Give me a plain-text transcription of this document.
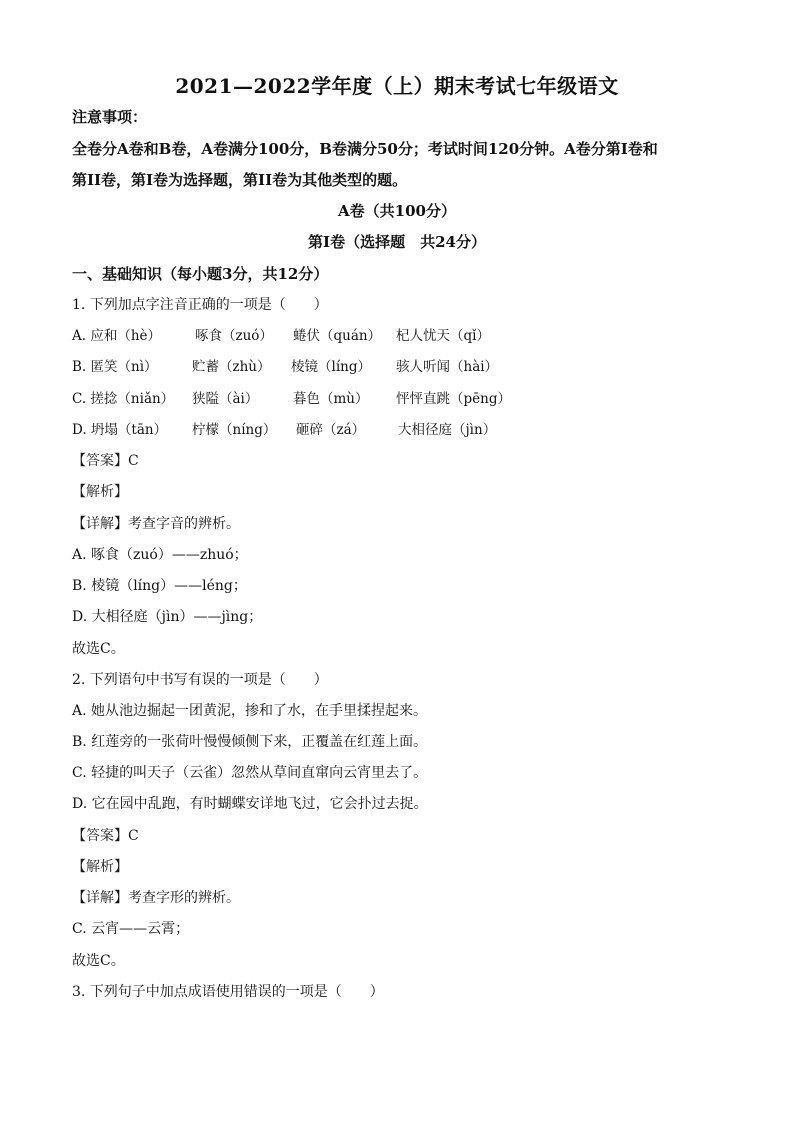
2021—2022学年度（上）期末考试七年级语文
注意事项：
全卷分A卷和B卷，A卷满分100分，B卷满分50分；考试时间120分钟。A卷分第I卷和
第II卷，第I卷为选择题，第II卷为其他类型的题。
A卷（共100分）
第I卷（选择题　共24分）
一、基础知识（每小题3分，共12分）
1. 下列加点字注音正确的一项是（　　）
A. 应和（hè）	啄食（zuó） 蜷伏（quán） 杞人忧天（qǐ）
B. 匿笑（nì）	贮蓄（zhù） 棱镜（líng） 骇人听闻（hài）
C. 搓捻（niǎn） 狭隘（ài）	暮色（mù） 怦怦直跳（pēng）
D. 坍塌（tān） 柠檬（níng） 砸碎（zá） 大相径庭（jìn）
【答案】C
【解析】
【详解】考查字音的辨析。
A. 啄食（zuó）——zhuó；
B. 棱镜（líng）——léng；
D. 大相径庭（jìn）——jìng；
故选C。
2. 下列语句中书写有误的一项是（　　）
A. 她从池边掘起一团黄泥，掺和了水，在手里揉捏起来。
B. 红莲旁的一张荷叶慢慢倾侧下来，正覆盖在红莲上面。
C. 轻捷的叫天子（云雀）忽然从草间直窜向云宵里去了。
D. 它在园中乱跑，有时蝴蝶安详地飞过，它会扑过去捉。
【答案】C
【解析】
【详解】考查字形的辨析。
C. 云宵——云霄；
故选C。
3. 下列句子中加点成语使用错误的一项是（　　）
